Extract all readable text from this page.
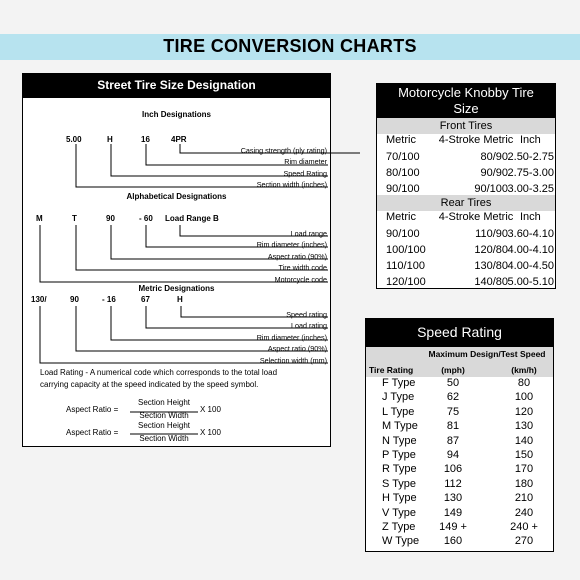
TIRE CONVERSION CHARTS
Street Tire Size Designation
Inch Designations
5.00	H	16	4PR
Casing strength (ply rating)
Rim diameter
Speed Rating
Section width (inches)
Alphabetical Designations
M	T	90	- 60 Load Range B
Load range
Rim diameter (inches)
Aspect ratio (90%)
Tire width code
Motorcycle code
Metric Designations
130/	90	- 16	67	H
Speed rating
Load rating
Rim diameter (inches)
Aspect ratio (90%)
Selection width (mm)
Load Rating - A numerical code which corresponds to the total load carrying capacity at the speed indicated by the speed symbol.
Aspect Ratio =
Section Height
Section Width
X 100
Aspect Ratio =
Section Height
Section Width
X 100
Motorcycle Knobby Tire
Size
Front Tires
Metric	4-Stroke Metric Inch
70/100	80/90 2.50-2.75
80/100	90/90 2.75-3.00
90/100	90/100 3.00-3.25
Rear Tires
Metric	4-Stroke Metric Inch
90/100	110/90 3.60-4.10
100/100	120/80 4.00-4.10
110/100	130/80 4.00-4.50
120/100	140/80 5.00-5.10
Speed Rating
Maximum Design/Test Speed
Tire Rating	(mph)	(km/h)
F Type	50	80
J Type	62	100
L Type	75	120
M Type	81	130
N Type	87	140
P Type	94	150
R Type	106	170
S Type	112	180
H Type	130	210
V Type	149	240
Z Type	149 +	240 +
W Type	160	270
